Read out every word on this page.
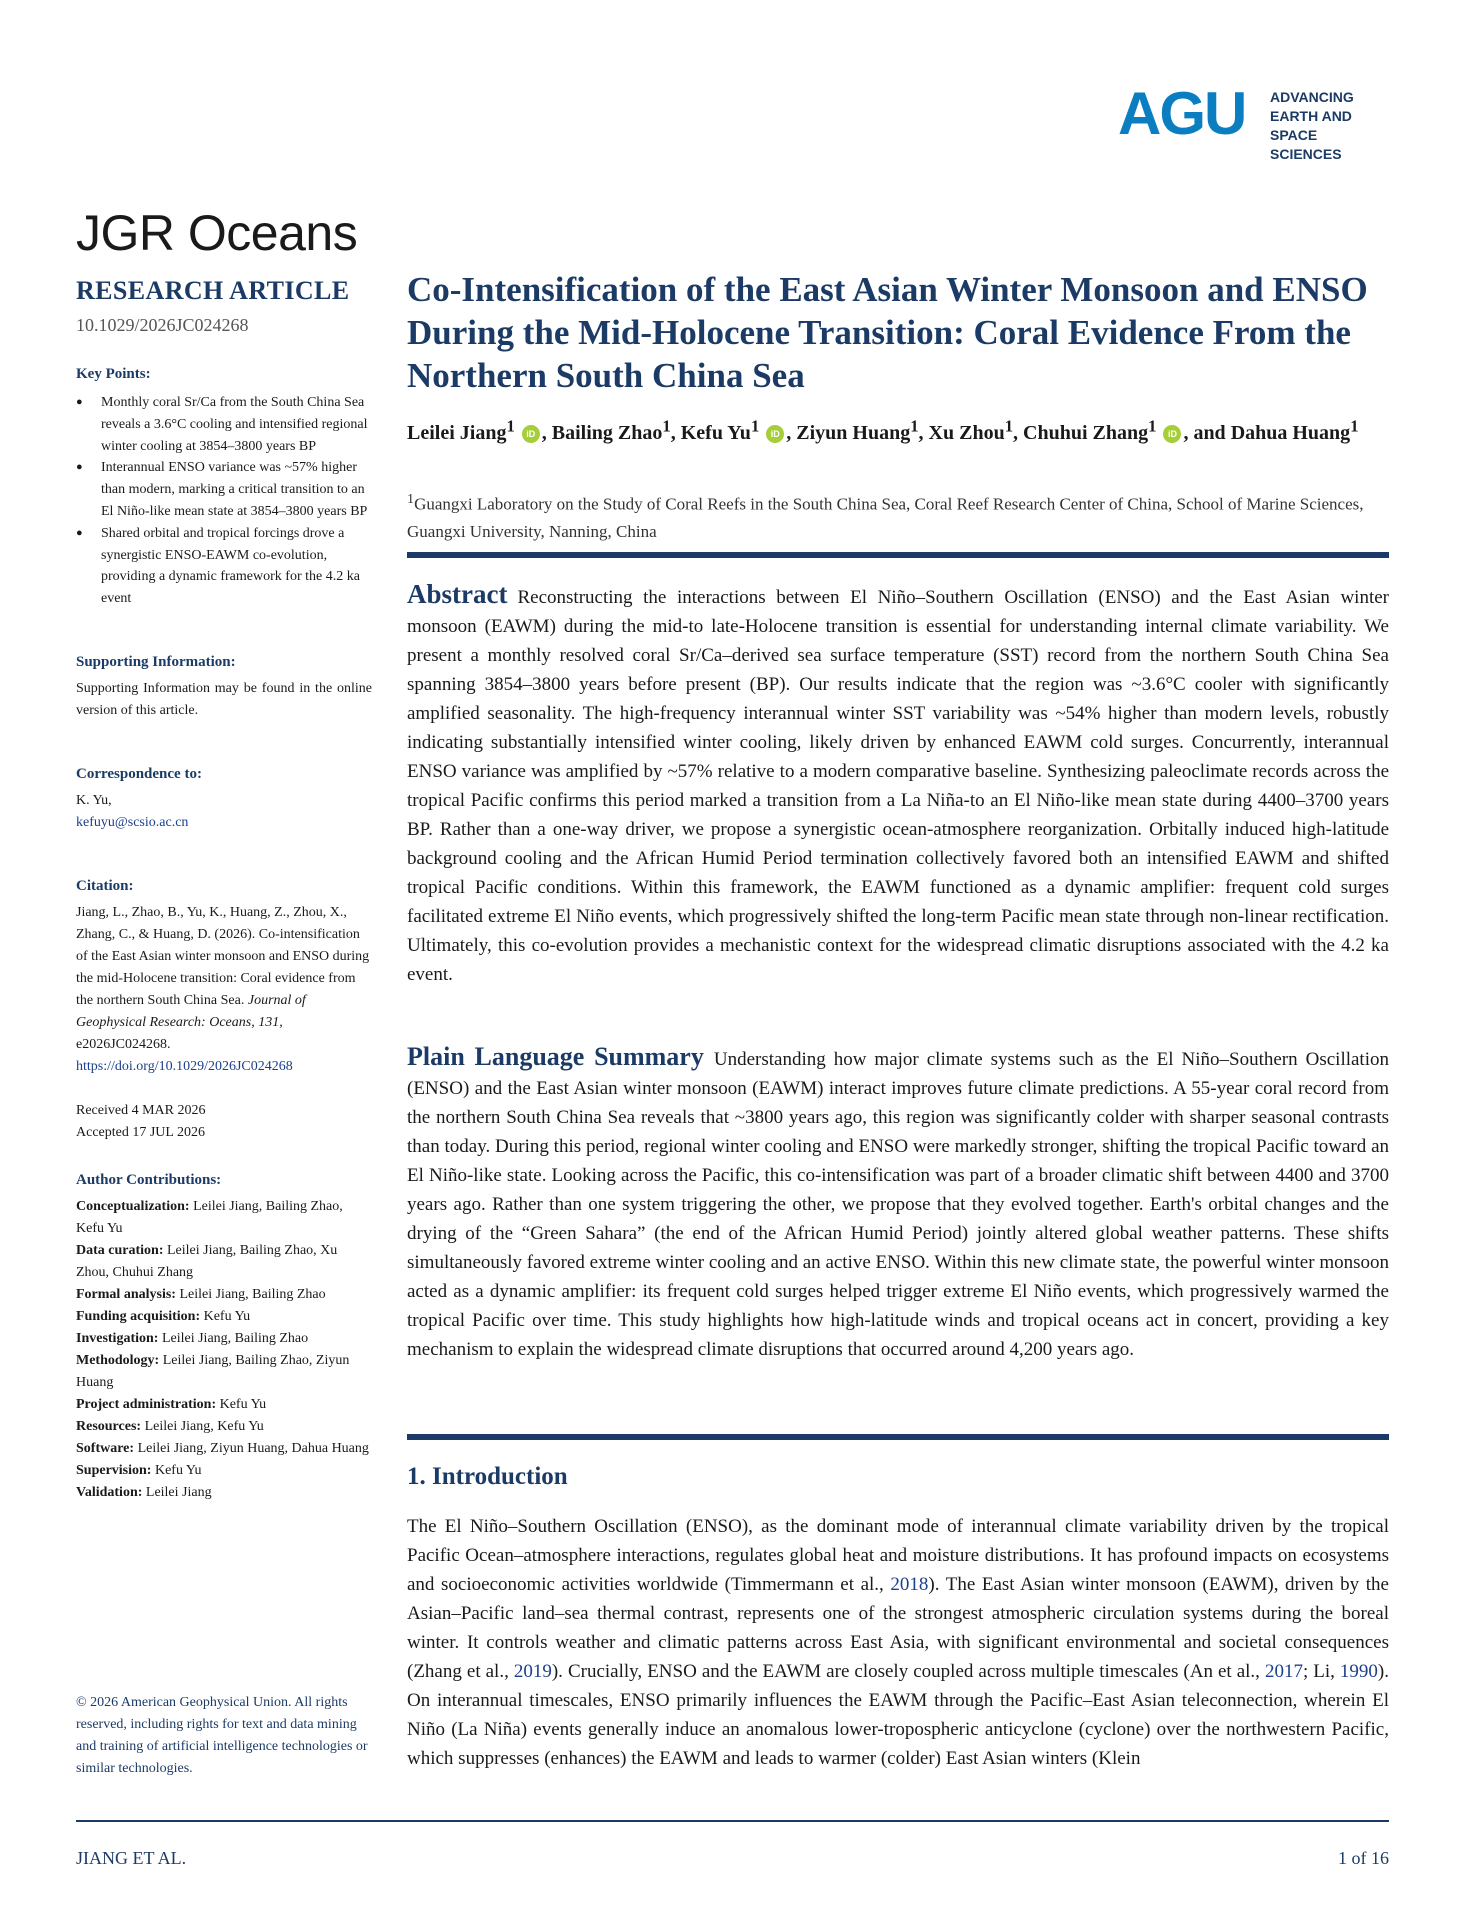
AGU ADVANCING
EARTH AND
SPACE SCIENCES
JGR Oceans
RESEARCH ARTICLE
10.1029/2026JC024268
Key Points:
● Monthly coral Sr/Ca from the South China Sea reveals a 3.6°C cooling and intensified regional winter cooling at 3854–3800 years BP
● Interannual ENSO variance was ~57% higher than modern, marking a critical transition to an El Niño-like mean state at 3854–3800 years BP
● Shared orbital and tropical forcings drove a synergistic ENSO-EAWM co-evolution, providing a dynamic framework for the 4.2 ka event
Supporting Information:
Supporting Information may be found in the online version of this article.
Correspondence to:

K. Yu,

kefuyu@scsio.ac.cn

Citation:
Jiang, L., Zhao, B., Yu, K., Huang, Z., Zhou, X., Zhang, C., & Huang, D. (2026). Co-intensification of the East Asian winter monsoon and ENSO during the mid-Holocene transition: Coral evidence from the northern South China Sea. Journal of Geophysical Research: Oceans, 131, e2026JC024268. https://doi.org/10.1029/2026JC024268

Received 4 MAR 2026

Accepted 17 JUL 2026

Author Contributions:
Conceptualization: Leilei Jiang, Bailing Zhao, Kefu Yu
Data curation: Leilei Jiang, Bailing Zhao, Xu Zhou, Chuhui Zhang
Formal analysis: Leilei Jiang, Bailing Zhao
Funding acquisition: Kefu Yu
Investigation: Leilei Jiang, Bailing Zhao
Methodology: Leilei Jiang, Bailing Zhao, Ziyun Huang
Project administration: Kefu Yu
Resources: Leilei Jiang, Kefu Yu
Software: Leilei Jiang, Ziyun Huang, Dahua Huang
Supervision: Kefu Yu
Validation: Leilei Jiang
© 2026 American Geophysical Union. All rights reserved, including rights for text and data mining and training of artificial intelligence technologies or similar technologies.
Co-Intensification of the East Asian Winter Monsoon and ENSO During the Mid-Holocene Transition: Coral Evidence From the Northern South China Sea
Leilei Jiang$^1$ iD , Bailing Zhao$^1$, Kefu Yu$^1$ iD , Ziyun Huang$^1$, Xu Zhou$^1$, Chuhui Zhang$^1$ iD , and Dahua Huang$^1$
$^1$Guangxi Laboratory on the Study of Coral Reefs in the South China Sea, Coral Reef Research Center of China, School of Marine Sciences, Guangxi University, Nanning, China
Abstract Reconstructing the interactions between El Niño–Southern Oscillation (ENSO) and the East Asian winter monsoon (EAWM) during the mid-to late-Holocene transition is essential for understanding internal climate variability. We present a monthly resolved coral Sr/Ca–derived sea surface temperature (SST) record from the northern South China Sea spanning 3854–3800 years before present (BP). Our results indicate that the region was ~3.6°C cooler with significantly amplified seasonality. The high-frequency interannual winter SST variability was ~54% higher than modern levels, robustly indicating substantially intensified winter cooling, likely driven by enhanced EAWM cold surges. Concurrently, interannual ENSO variance was amplified by ~57% relative to a modern comparative baseline. Synthesizing paleoclimate records across the tropical Pacific confirms this period marked a transition from a La Niña-to an El Niño-like mean state during 4400–3700 years BP. Rather than a one-way driver, we propose a synergistic ocean-atmosphere reorganization. Orbitally induced high-latitude background cooling and the African Humid Period termination collectively favored both an intensified EAWM and shifted tropical Pacific conditions. Within this framework, the EAWM functioned as a dynamic amplifier: frequent cold surges facilitated extreme El Niño events, which progressively shifted the long-term Pacific mean state through non-linear rectification. Ultimately, this co-evolution provides a mechanistic context for the widespread climatic disruptions associated with the 4.2 ka event.
Plain Language Summary Understanding how major climate systems such as the El Niño–Southern Oscillation (ENSO) and the East Asian winter monsoon (EAWM) interact improves future climate predictions. A 55-year coral record from the northern South China Sea reveals that ~3800 years ago, this region was significantly colder with sharper seasonal contrasts than today. During this period, regional winter cooling and ENSO were markedly stronger, shifting the tropical Pacific toward an El Niño-like state. Looking across the Pacific, this co-intensification was part of a broader climatic shift between 4400 and 3700 years ago. Rather than one system triggering the other, we propose that they evolved together. Earth's orbital changes and the drying of the “Green Sahara” (the end of the African Humid Period) jointly altered global weather patterns. These shifts simultaneously favored extreme winter cooling and an active ENSO. Within this new climate state, the powerful winter monsoon acted as a dynamic amplifier: its frequent cold surges helped trigger extreme El Niño events, which progressively warmed the tropical Pacific over time. This study highlights how high-latitude winds and tropical oceans act in concert, providing a key mechanism to explain the widespread climate disruptions that occurred around 4,200 years ago.
1. Introduction
The El Niño–Southern Oscillation (ENSO), as the dominant mode of interannual climate variability driven by the tropical Pacific Ocean–atmosphere interactions, regulates global heat and moisture distributions. It has profound impacts on ecosystems and socioeconomic activities worldwide (Timmermann et al., 2018). The East Asian winter monsoon (EAWM), driven by the Asian–Pacific land–sea thermal contrast, represents one of the strongest atmospheric circulation systems during the boreal winter. It controls weather and climatic patterns across East Asia, with significant environmental and societal consequences (Zhang et al., 2019). Crucially, ENSO and the EAWM are closely coupled across multiple timescales (An et al., 2017; Li, 1990). On interannual timescales, ENSO primarily influences the EAWM through the Pacific–East Asian teleconnection, wherein El Niño (La Niña) events generally induce an anomalous lower-tropospheric anticyclone (cyclone) over the northwestern Pacific, which suppresses (enhances) the EAWM and leads to warmer (colder) East Asian winters (Klein
JIANG ET AL.	1 of 16
